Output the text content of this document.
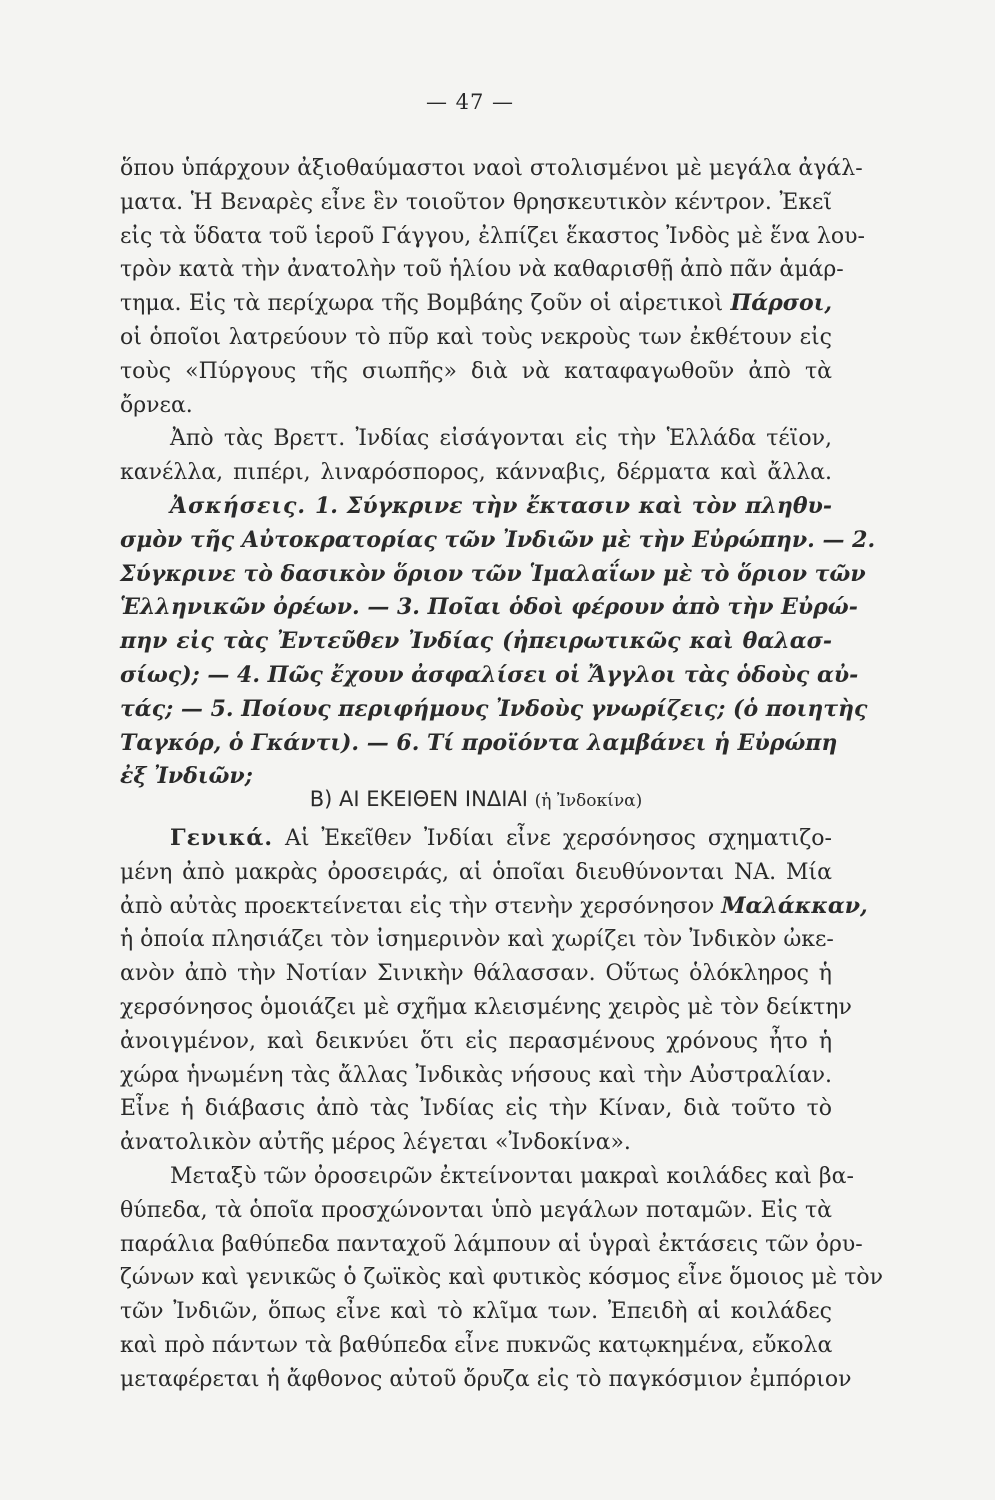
— 47 —
ὅπου ὑπάρχουν ἀξιοθαύμαστοι ναοὶ στολισμένοι μὲ μεγάλα ἀγάλ-
ματα. Ἡ Βεναρὲς εἶνε ἓν τοιοῦτον θρησκευτικὸν κέντρον. Ἐκεῖ
εἰς τὰ ὕδατα τοῦ ἱεροῦ Γάγγου, ἐλπίζει ἕκαστος Ἰνδὸς μὲ ἕνα λου-
τρὸν κατὰ τὴν ἀνατολὴν τοῦ ἡλίου νὰ καθαρισθῇ ἀπὸ πᾶν ἁμάρ-
τημα. Εἰς τὰ περίχωρα τῆς Βομβάης ζοῦν οἱ αἱρετικοὶ Πάρσοι,
οἱ ὁποῖοι λατρεύουν τὸ πῦρ καὶ τοὺς νεκροὺς των ἐκθέτουν εἰς
τοὺς «Πύργους τῆς σιωπῆς» διὰ νὰ καταφαγωθοῦν ἀπὸ τὰ
ὄρνεα.
Ἀπὸ τὰς Βρεττ. Ἰνδίας εἰσάγονται εἰς τὴν Ἑλλάδα τέϊον,
κανέλλα, πιπέρι, λιναρόσπορος, κάνναβις, δέρματα καὶ ἄλλα.
Ἀσκήσεις. 1. Σύγκρινε τὴν ἔκτασιν καὶ τὸν πληθυ-
σμὸν τῆς Αὐτοκρατορίας τῶν Ἰνδιῶν μὲ τὴν Εὐρώπην. — 2.
Σύγκρινε τὸ δασικὸν ὅριον τῶν Ἱμαλαΐων μὲ τὸ ὅριον τῶν
Ἑλληνικῶν ὀρέων. — 3. Ποῖαι ὁδοὶ φέρουν ἀπὸ τὴν Εὐρώ-
πην εἰς τὰς Ἐντεῦθεν Ἰνδίας (ἠπειρωτικῶς καὶ θαλασ-
σίως); — 4. Πῶς ἔχουν ἀσφαλίσει οἱ Ἄγγλοι τὰς ὁδοὺς αὐ-
τάς; — 5. Ποίους περιφήμους Ἰνδοὺς γνωρίζεις; (ὁ ποιητὴς
Ταγκόρ, ὁ Γκάντι). — 6. Τί προϊόντα λαμβάνει ἡ Εὐρώπη
ἐξ Ἰνδιῶν;
Β) ΑΙ ΕΚΕΙΘΕΝ ΙΝΔΙΑΙ (ἡ Ἰνδοκίνα)
Γενικά. Αἱ Ἐκεῖθεν Ἰνδίαι εἶνε χερσόνησος σχηματιζο-
μένη ἀπὸ μακρὰς ὀροσειράς, αἱ ὁποῖαι διευθύνονται ΝΑ. Μία
ἀπὸ αὐτὰς προεκτείνεται εἰς τὴν στενὴν χερσόνησον Μαλάκκαν,
ἡ ὁποία πλησιάζει τὸν ἰσημερινὸν καὶ χωρίζει τὸν Ἰνδικὸν ὠκε-
ανὸν ἀπὸ τὴν Νοτίαν Σινικὴν θάλασσαν. Οὕτως ὁλόκληρος ἡ
χερσόνησος ὁμοιάζει μὲ σχῆμα κλεισμένης χειρὸς μὲ τὸν δείκτην
ἀνοιγμένον, καὶ δεικνύει ὅτι εἰς περασμένους χρόνους ἦτο ἡ
χώρα ἡνωμένη τὰς ἄλλας Ἰνδικὰς νήσους καὶ τὴν Αὐστραλίαν.
Εἶνε ἡ διάβασις ἀπὸ τὰς Ἰνδίας εἰς τὴν Κίναν, διὰ τοῦτο τὸ
ἀνατολικὸν αὐτῆς μέρος λέγεται «Ἰνδοκίνα».
Μεταξὺ τῶν ὀροσειρῶν ἐκτείνονται μακραὶ κοιλάδες καὶ βα-
θύπεδα, τὰ ὁποῖα προσχώνονται ὑπὸ μεγάλων ποταμῶν. Εἰς τὰ
παράλια βαθύπεδα πανταχοῦ λάμπουν αἱ ὑγραὶ ἐκτάσεις τῶν ὀρυ-
ζώνων καὶ γενικῶς ὁ ζωϊκὸς καὶ φυτικὸς κόσμος εἶνε ὅμοιος μὲ τὸν
τῶν Ἰνδιῶν, ὅπως εἶνε καὶ τὸ κλῖμα των. Ἐπειδὴ αἱ κοιλάδες
καὶ πρὸ πάντων τὰ βαθύπεδα εἶνε πυκνῶς κατῳκημένα, εὔκολα
μεταφέρεται ἡ ἄφθονος αὐτοῦ ὄρυζα εἰς τὸ παγκόσμιον ἐμπόριον
